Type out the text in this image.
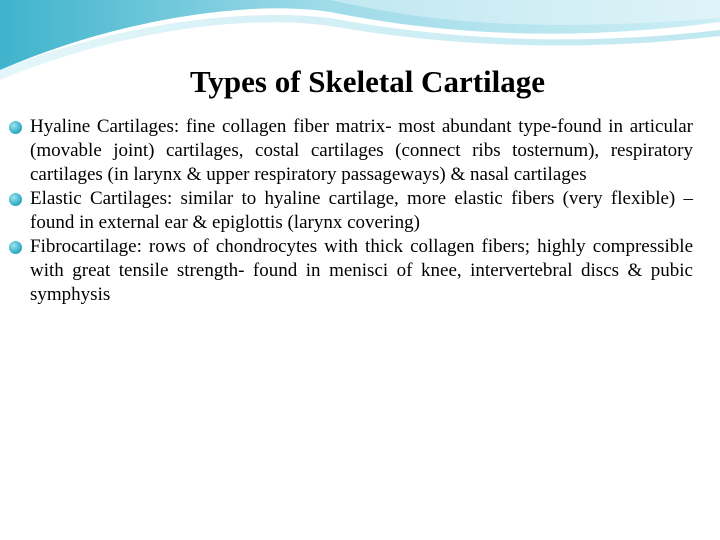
Types of Skeletal Cartilage
Hyaline Cartilages: fine collagen fiber matrix- most abundant type-found in articular (movable joint) cartilages, costal cartilages (connect ribs tosternum), respiratory cartilages (in larynx & upper respiratory passageways) & nasal cartilages
Elastic Cartilages: similar to hyaline cartilage, more elastic fibers (very flexible) – found in external ear & epiglottis (larynx covering)
Fibrocartilage: rows of chondrocytes with thick collagen fibers; highly compressible with great tensile strength- found in menisci of knee, intervertebral discs & pubic symphysis
